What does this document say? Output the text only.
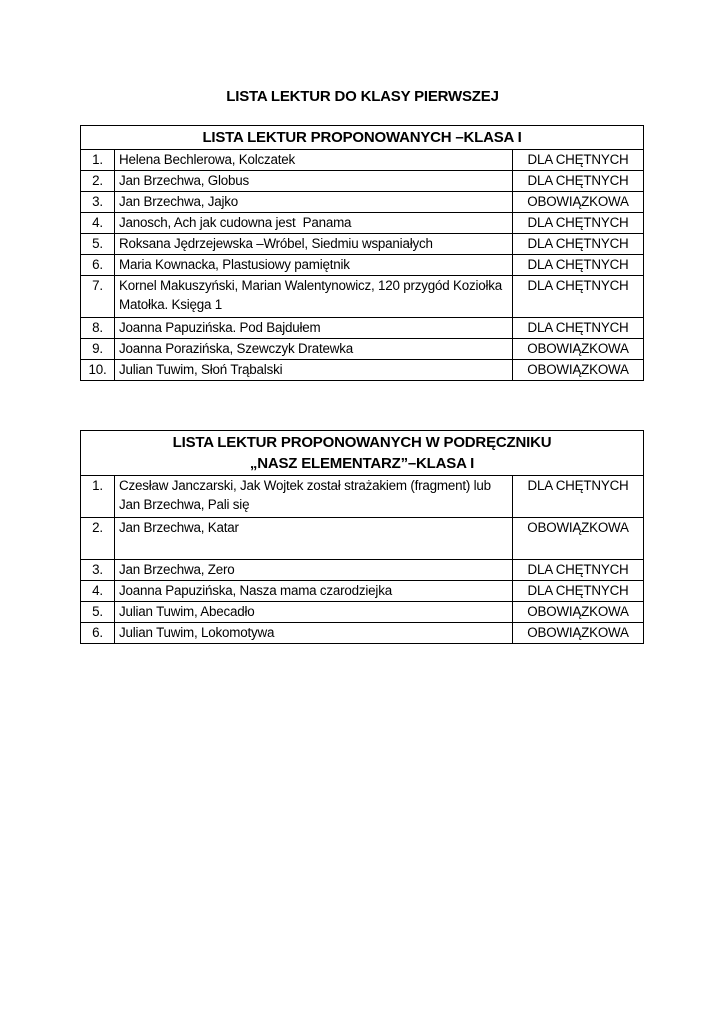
LISTA LEKTUR DO KLASY PIERWSZEJ
LISTA LEKTUR PROPONOWANYCH –KLASA I		
1.	Helena Bechlerowa, Kolczatek	DLA CHĘTNYCH
2.	Jan Brzechwa, Globus	DLA CHĘTNYCH
3.	Jan Brzechwa, Jajko	OBOWIĄZKOWA
4.	Janosch, Ach jak cudowna jest  Panama	DLA CHĘTNYCH
5.	Roksana Jędrzejewska –Wróbel, Siedmiu wspaniałych	DLA CHĘTNYCH
6.	Maria Kownacka, Plastusiowy pamiętnik	DLA CHĘTNYCH
7.	Kornel Makuszyński, Marian Walentynowicz, 120 przygód Koziołka Matołka. Księga 1	DLA CHĘTNYCH
8.	Joanna Papuzińska. Pod Bajdułem	DLA CHĘTNYCH
9.	Joanna Porazińska, Szewczyk Dratewka	OBOWIĄZKOWA
10.	Julian Tuwim, Słoń Trąbalski	OBOWIĄZKOWA
LISTA LEKTUR PROPONOWANYCH W PODRĘCZNIKU
„NASZ ELEMENTARZ”–KLASA I		

1.	Czesław Janczarski, Jak Wojtek został strażakiem (fragment) lub Jan Brzechwa, Pali się	DLA CHĘTNYCH
2.	Jan Brzechwa, Katar	OBOWIĄZKOWA
3.	Jan Brzechwa, Zero	DLA CHĘTNYCH
4.	Joanna Papuzińska, Nasza mama czarodziejka	DLA CHĘTNYCH
5.	Julian Tuwim, Abecadło	OBOWIĄZKOWA
6.	Julian Tuwim, Lokomotywa	OBOWIĄZKOWA
